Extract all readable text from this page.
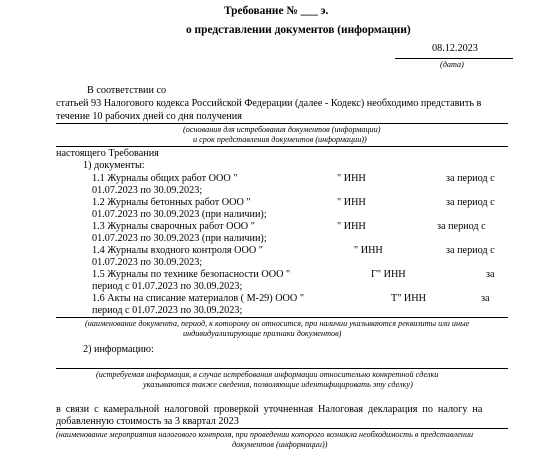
Требование № ___ э.
о представлении документов (информации)
08.12.2023
(дата)
В соответствии со
статьей 93 Налогового кодекса Российской Федерации (далее - Кодекс) необходимо представить в
течение 10 рабочих дней со дня получения
(основания для истребования документов (информации)
и срок представления документов (информации))
настоящего Требования
1) документы:
1.1 Журналы общих работ ООО "	" ИНН	за период с
01.07.2023 по 30.09.2023;
1.2 Журналы бетонных работ ООО "	" ИНН	за период с
01.07.2023 по 30.09.2023 (при наличии);
1.3 Журналы сварочных работ ООО "	" ИНН	за период с
01.07.2023 по 30.09.2023 (при наличии);
1.4 Журналы входного контроля ООО "	" ИНН	за период с
01.07.2023 по 30.09.2023;
1.5 Журналы по технике безопасности ООО "	Г" ИНН	за
период с 01.07.2023 по 30.09.2023;
1.6 Акты на списание материалов ( М-29) ООО "	Т" ИНН	за
период с 01.07.2023 по 30.09.2023;
(наименование документа, период, к которому он относится, при наличии указываются реквизиты или иные
индивидуализирующие признаки документов)
2) информацию:
(истребуемая информация, в случае истребования информации относительно конкретной сделки
указываются также сведения, позволяющие идентифицировать эту сделку)
в связи с камеральной налоговой проверкой уточненная Налоговая декларация по налогу на
добавленную стоимость за 3 квартал 2023
(наименование мероприятия налогового контроля, при проведении которого возникла необходимость в представлении
документов (информации))
